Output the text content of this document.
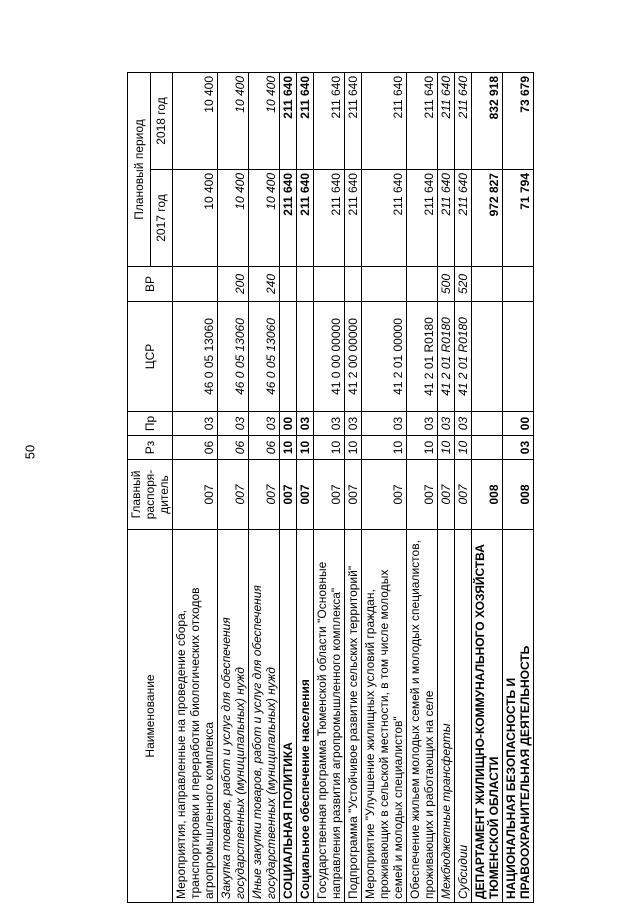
50
Наименование	Главный распоря- дитель	Рз	Пр	ЦСР	ВР	Плановый период	
						2017 год	2018 год
Мероприятия, направленные на проведение сбора, транспортировки и переработки биологических отходов агропромышленного комплекса	007	06	03	46 0 05 13060		10 400	10 400
Закупка товаров, работ и услуг для обеспечения государственных (муниципальных) нужд	007	06	03	46 0 05 13060	200	10 400	10 400
Иные закупки товаров, работ и услуг для обеспечения государственных (муниципальных) нужд	007	06	03	46 0 05 13060	240	10 400	10 400
СОЦИАЛЬНАЯ ПОЛИТИКА	007	10	00			211 640	211 640
Социальное обеспечение населения	007	10	03			211 640	211 640
Государственная программа Тюменской области "Основные направления развития агропромышленного комплекса"	007	10	03	41 0 00 00000		211 640	211 640
Подпрограмма "Устойчивое развитие сельских территорий"	007	10	03	41 2 00 00000		211 640	211 640
Мероприятие "Улучшение жилищных условий граждан, проживающих в сельской местности, в том числе молодых семей и молодых специалистов"	007	10	03	41 2 01 00000		211 640	211 640
Обеспечение жильем молодых семей и молодых специалистов, проживающих и работающих на селе	007	10	03	41 2 01 R0180		211 640	211 640
Межбюджетные трансферты	007	10	03	41 2 01 R0180	500	211 640	211 640
Субсидии	007	10	03	41 2 01 R0180	520	211 640	211 640
ДЕПАРТАМЕНТ ЖИЛИЩНО-КОММУНАЛЬНОГО ХОЗЯЙСТВА ТЮМЕНСКОЙ ОБЛАСТИ	008					972 827	832 918
НАЦИОНАЛЬНАЯ БЕЗОПАСНОСТЬ И ПРАВООХРАНИТЕЛЬНАЯ ДЕЯТЕЛЬНОСТЬ	008	03	00			71 794	73 679
